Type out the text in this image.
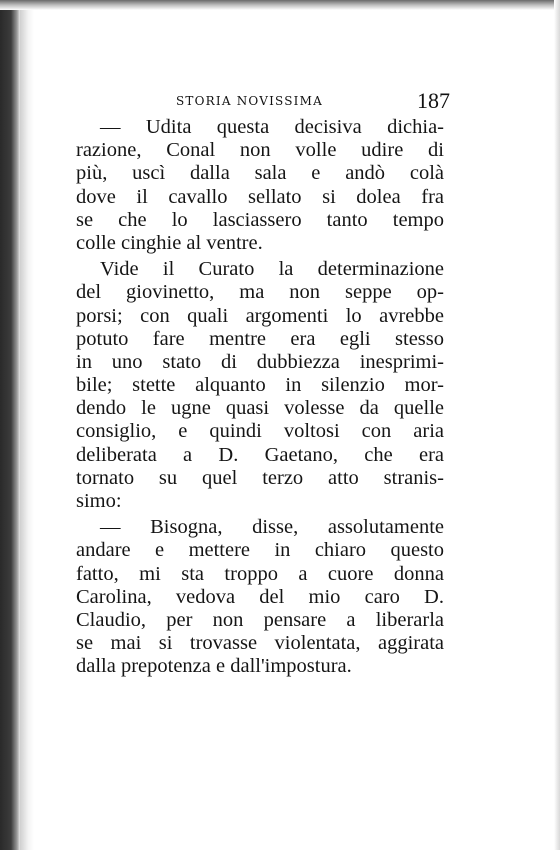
STORIA NOVISSIMA	187
— Udita questa decisiva dichia-
razione, Conal non volle udire di
più, uscì dalla sala e andò colà
dove il cavallo sellato si dolea fra
se che lo lasciassero tanto tempo
colle cinghie al ventre.
Vide il Curato la determinazione
del giovinetto, ma non seppe op-
porsi; con quali argomenti lo avrebbe
potuto fare mentre era egli stesso
in uno stato di dubbiezza inesprimi-
bile; stette alquanto in silenzio mor-
dendo le ugne quasi volesse da quelle
consiglio, e quindi voltosi con aria
deliberata a D. Gaetano, che era
tornato su quel terzo atto stranis-
simo:
— Bisogna, disse, assolutamente
andare e mettere in chiaro questo
fatto, mi sta troppo a cuore donna
Carolina, vedova del mio caro D.
Claudio, per non pensare a liberarla
se mai si trovasse violentata, aggirata
dalla prepotenza e dall'impostura.
